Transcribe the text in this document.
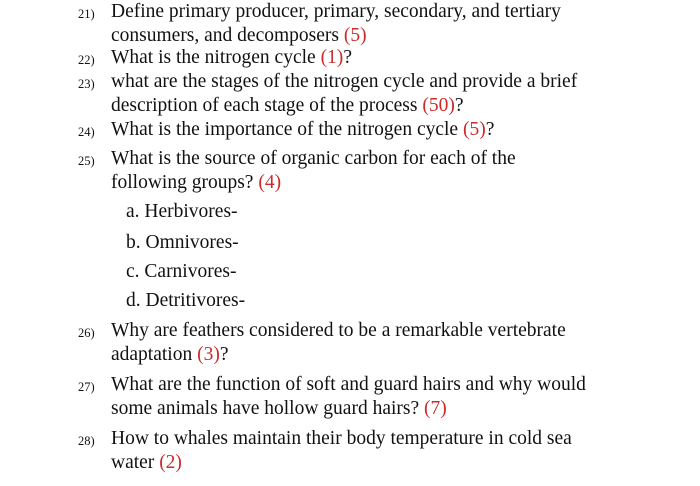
21) Define primary producer, primary, secondary, and tertiary
consumers, and decomposers (5)
22) What is the nitrogen cycle (1)?
23) what are the stages of the nitrogen cycle and provide a brief
description of each stage of the process (50)?
24) What is the importance of the nitrogen cycle (5)?
25) What is the source of organic carbon for each of the
following groups? (4)
a. Herbivores-
b. Omnivores-
c. Carnivores-
d. Detritivores-
26) Why are feathers considered to be a remarkable vertebrate
adaptation (3)?
27) What are the function of soft and guard hairs and why would
some animals have hollow guard hairs? (7)
28) How to whales maintain their body temperature in cold sea
water (2)
